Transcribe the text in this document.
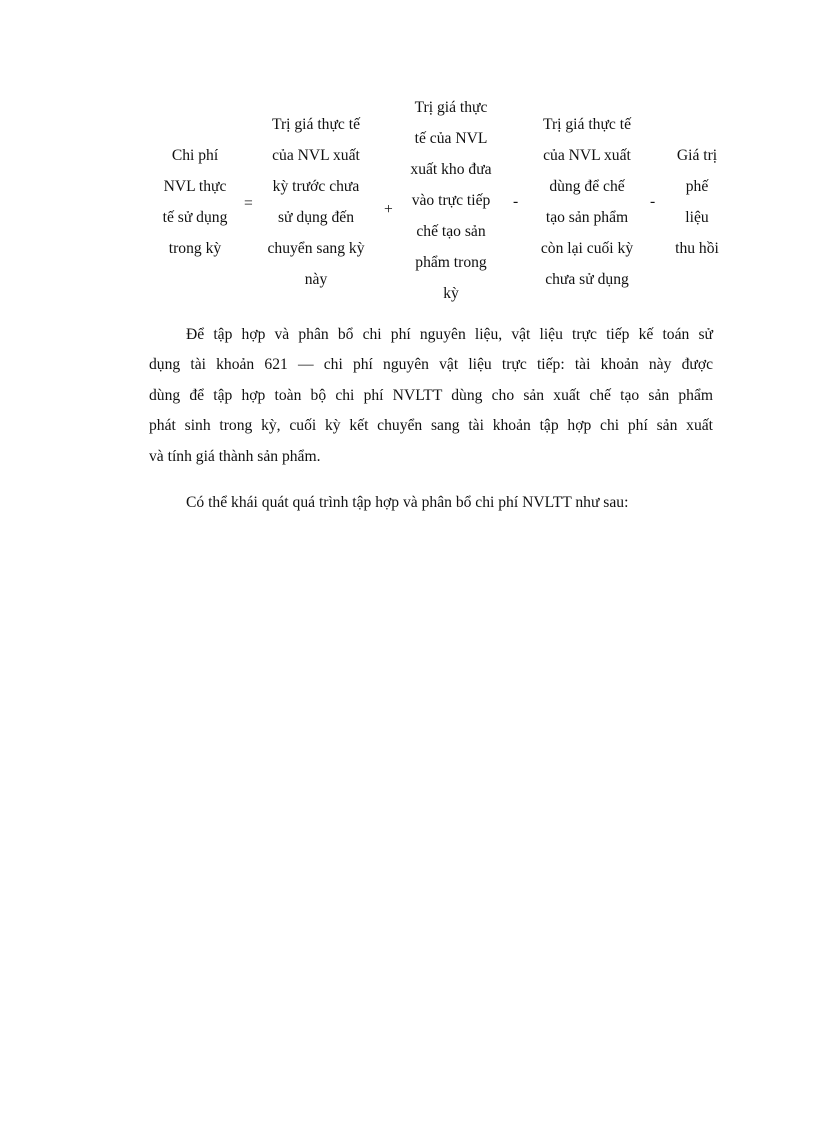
Chi phí
NVL thực
tế sử dụng
trong kỳ
=
Trị giá thực tế
của NVL xuất
kỳ trước chưa
sử dụng đến
chuyển sang kỳ
này
+
Trị giá thực
tế của NVL
xuất kho đưa
vào trực tiếp
chế tạo sản
phẩm trong
kỳ
-
Trị giá thực tế
của NVL xuất
dùng để chế
tạo sản phẩm
còn lại cuối kỳ
chưa sử dụng
-
Giá trị
phế
liệu
thu hồi
Để tập hợp và phân bổ chi phí nguyên liệu, vật liệu trực tiếp kế toán sử
dụng tài khoản 621 — chi phí nguyên vật liệu trực tiếp: tài khoản này được
dùng để tập hợp toàn bộ chi phí NVLTT dùng cho sản xuất chế tạo sản phẩm
phát sinh trong kỳ, cuối kỳ kết chuyển sang tài khoản tập hợp chi phí sản xuất
và tính giá thành sản phẩm.

Có thể khái quát quá trình tập hợp và phân bổ chi phí NVLTT như sau:
